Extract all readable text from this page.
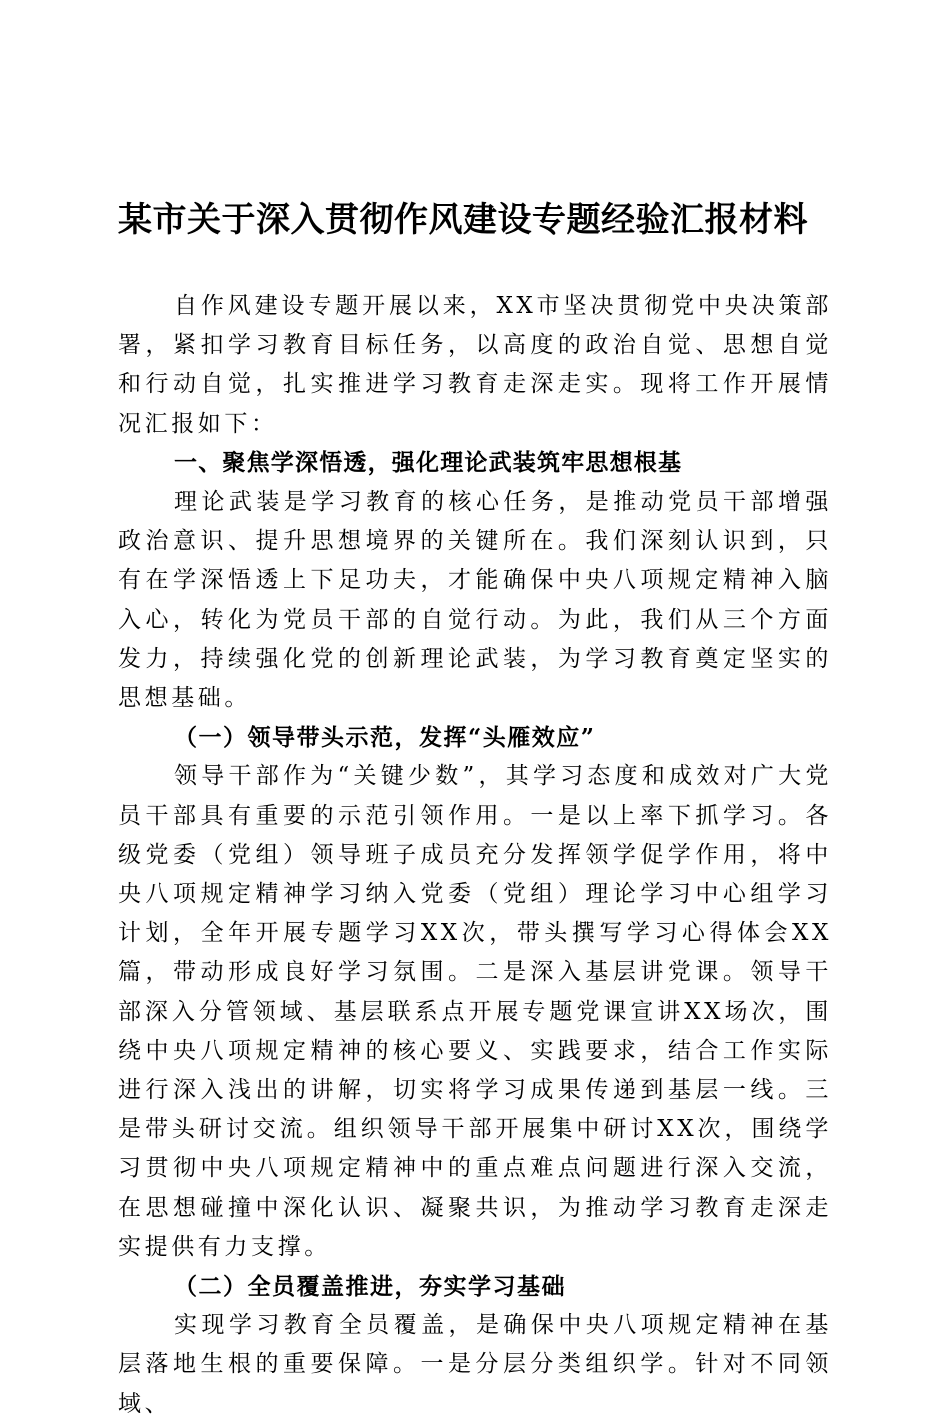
某市关于深入贯彻作风建设专题经验汇报材料

自作风建设专题开展以来，XX市坚决贯彻党中央决策部署，紧扣学习教育目标任务，以高度的政治自觉、思想自觉和行动自觉，扎实推进学习教育走深走实。现将工作开展情况汇报如下：

一、聚焦学深悟透，强化理论武装筑牢思想根基

理论武装是学习教育的核心任务，是推动党员干部增强政治意识、提升思想境界的关键所在。我们深刻认识到，只有在学深悟透上下足功夫，才能确保中央八项规定精神入脑入心，转化为党员干部的自觉行动。为此，我们从三个方面发力，持续强化党的创新理论武装，为学习教育奠定坚实的思想基础。

（一）领导带头示范，发挥“头雁效应”

领导干部作为“关键少数”，其学习态度和成效对广大党员干部具有重要的示范引领作用。一是以上率下抓学习。各级党委（党组）领导班子成员充分发挥领学促学作用，将中央八项规定精神学习纳入党委（党组）理论学习中心组学习计划，全年开展专题学习XX次，带头撰写学习心得体会XX篇，带动形成良好学习氛围。二是深入基层讲党课。领导干部深入分管领域、基层联系点开展专题党课宣讲XX场次，围绕中央八项规定精神的核心要义、实践要求，结合工作实际进行深入浅出的讲解，切实将学习成果传递到基层一线。三是带头研讨交流。组织领导干部开展集中研讨XX次，围绕学习贯彻中央八项规定精神中的重点难点问题进行深入交流，在思想碰撞中深化认识、凝聚共识，为推动学习教育走深走实提供有力支撑。

（二）全员覆盖推进，夯实学习基础

实现学习教育全员覆盖，是确保中央八项规定精神在基层落地生根的重要保障。一是分层分类组织学。针对不同领域、
